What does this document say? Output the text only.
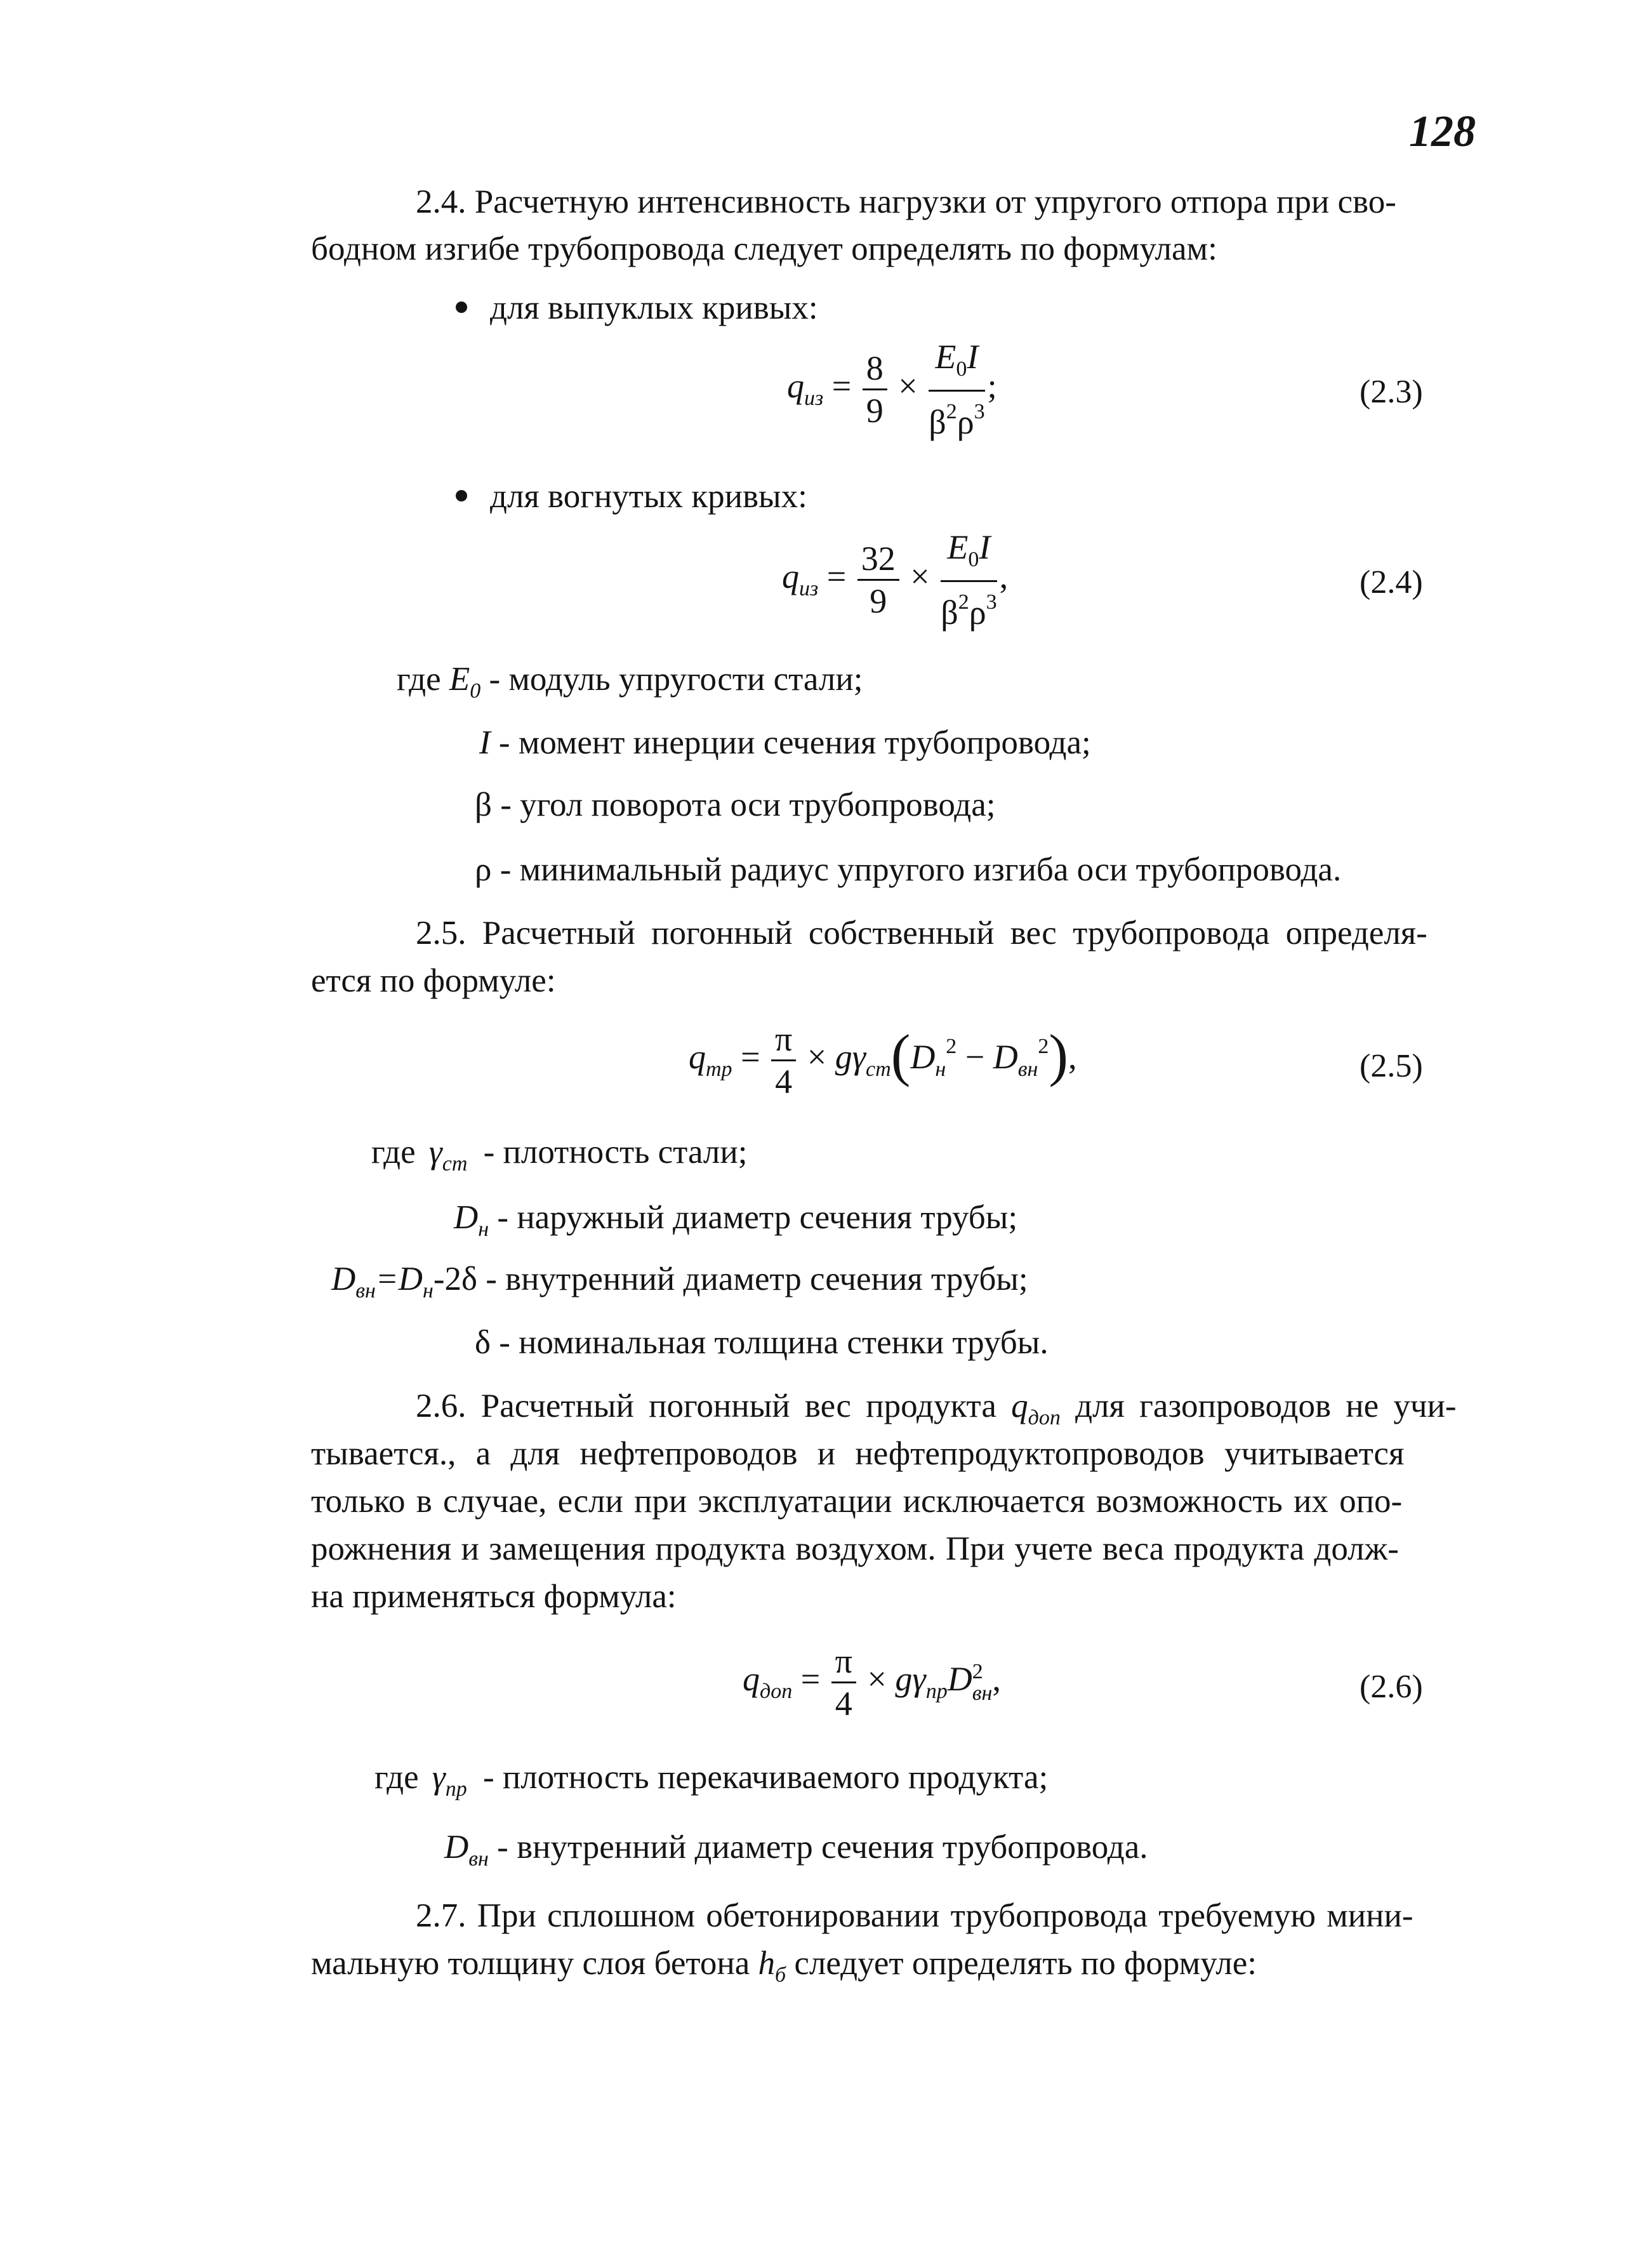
128
2.4. Расчетную интенсивность нагрузки от упругого отпора при сво-
бодном изгибе трубопровода следует определять по формулам:
для выпуклых кривых:
$q_{из} = \frac{8}{9} \times \frac{E_0I}{\beta^2\rho^3}$ ;	(2.3)
для вогнутых кривых:
$q_{из} = \frac{32}{9} \times \frac{E_0I}{\beta^2\rho^3}$ ,	(2.4)
где $E_0$ - модуль упругости стали;
I - момент инерции сечения трубопровода;
β - угол поворота оси трубопровода;
ρ - минимальный радиус упругого изгиба оси трубопровода.
2.5. Расчетный погонный собственный вес трубопровода определя-
ется по формуле:
$q_{тр} = \frac{\pi}{4} \times g\gamma_{ст}(D_н^2 - D_{вн}^2)$,	(2.5)
где $\gamma_{ст}$ - плотность стали;
$D_н$ - наружный диаметр сечения трубы;
$D_{вн}=D_н-2\delta$ - внутренний диаметр сечения трубы;
δ - номинальная толщина стенки трубы.
2.6. Расчетный погонный вес продукта $q_{доп}$ для газопроводов не учи-
тывается., а для нефтепроводов и нефтепродуктопроводов учитывается
только в случае, если при эксплуатации исключается возможность их опо-
рожнения и замещения продукта воздухом. При учете веса продукта долж-
на применяться формула:
$q_{доп} = \frac{\pi}{4} \times g\gamma_{пр}D$ 2
вн ,	(2.6)
где $\gamma_{пр}$ - плотность перекачиваемого продукта;
$D_{вн}$ - внутренний диаметр сечения трубопровода.
2.7. При сплошном обетонировании трубопровода требуемую мини-
мальную толщину слоя бетона $h_б$ следует определять по формуле:
